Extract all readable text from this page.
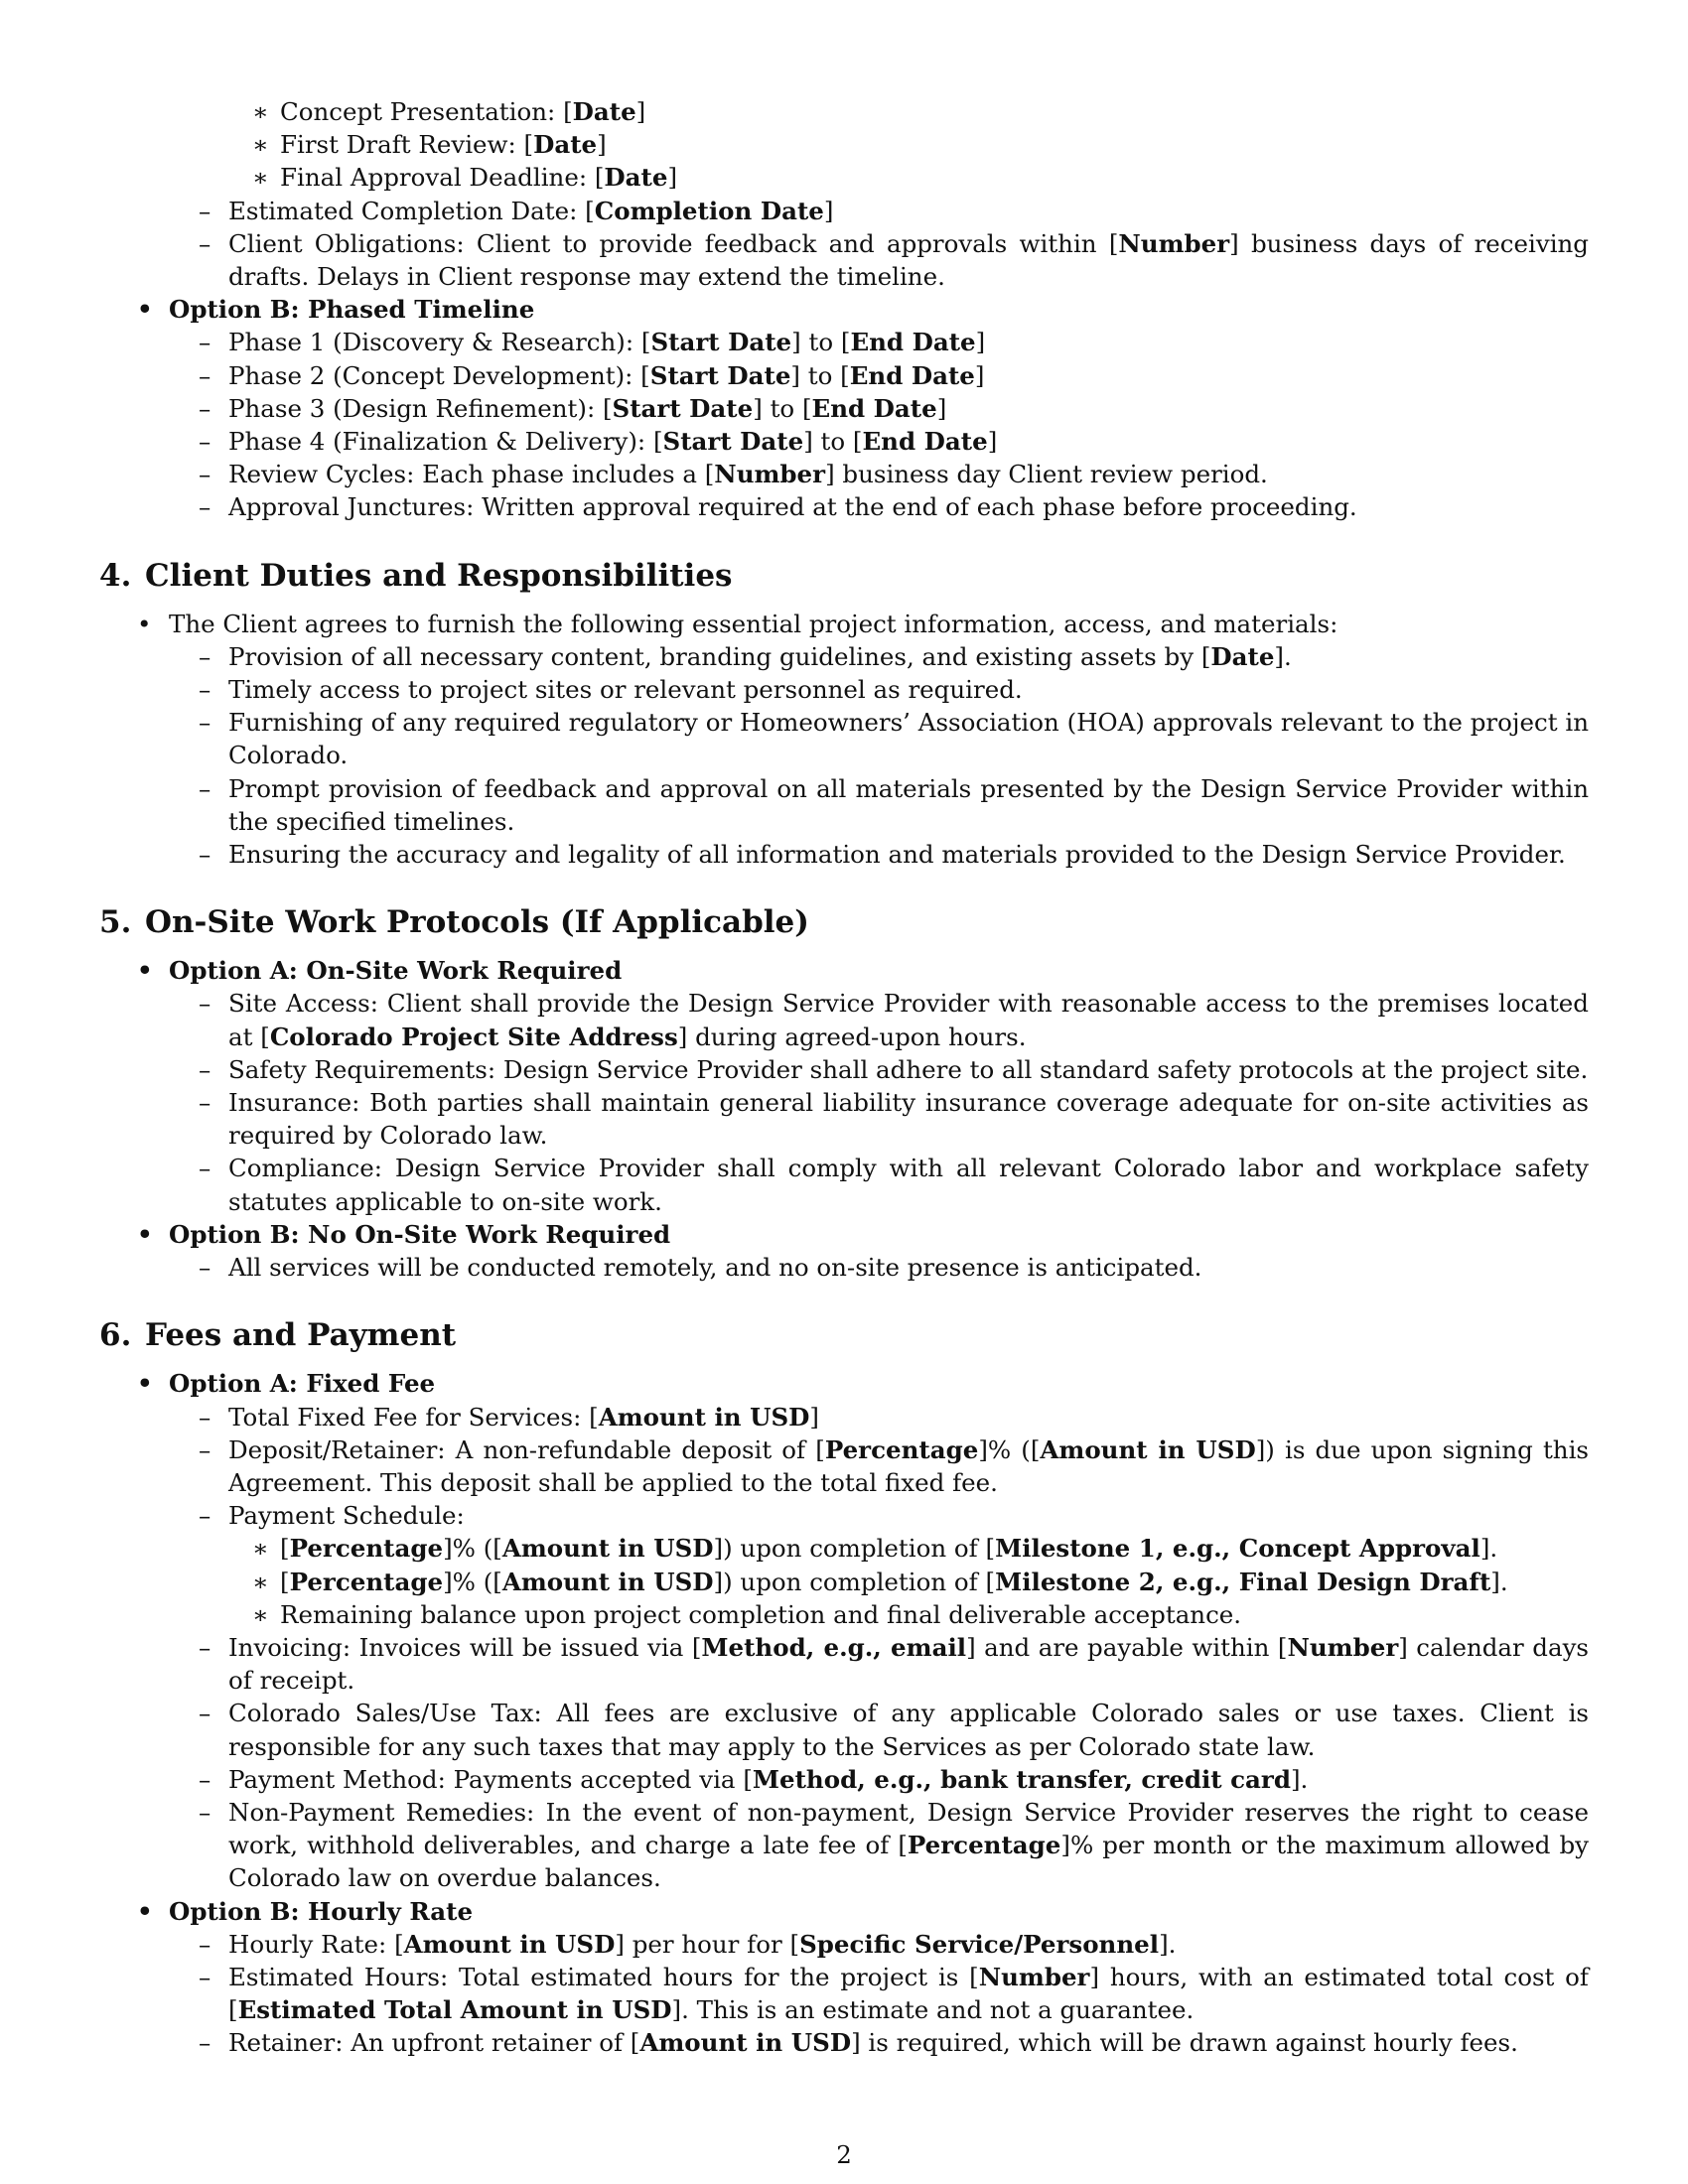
∗ Concept Presentation: [Date]
∗ First Draft Review: [Date]
∗ Final Approval Deadline: [Date]
– Estimated Completion Date: [Completion Date]
– Client Obligations: Client to provide feedback and approvals within [Number] business days of receiving drafts. Delays in Client response may extend the timeline.
• Option B: Phased Timeline
– Phase 1 (Discovery & Research): [Start Date] to [End Date]
– Phase 2 (Concept Development): [Start Date] to [End Date]
– Phase 3 (Design Refinement): [Start Date] to [End Date]
– Phase 4 (Finalization & Delivery): [Start Date] to [End Date]
– Review Cycles: Each phase includes a [Number] business day Client review period.
– Approval Junctures: Written approval required at the end of each phase before proceeding.
4. Client Duties and Responsibilities
• The Client agrees to furnish the following essential project information, access, and materials:
– Provision of all necessary content, branding guidelines, and existing assets by [Date].
– Timely access to project sites or relevant personnel as required.
– Furnishing of any required regulatory or Homeowners’ Association (HOA) approvals relevant to the project in Colorado.
– Prompt provision of feedback and approval on all materials presented by the Design Service Provider within the specified timelines.
– Ensuring the accuracy and legality of all information and materials provided to the Design Service Provider.
5. On-Site Work Protocols (If Applicable)
• Option A: On-Site Work Required
– Site Access: Client shall provide the Design Service Provider with reasonable access to the premises located at [Colorado Project Site Address] during agreed-upon hours.
– Safety Requirements: Design Service Provider shall adhere to all standard safety protocols at the project site.
– Insurance: Both parties shall maintain general liability insurance coverage adequate for on-site activities as required by Colorado law.
– Compliance: Design Service Provider shall comply with all relevant Colorado labor and workplace safety statutes applicable to on-site work.
• Option B: No On-Site Work Required
– All services will be conducted remotely, and no on-site presence is anticipated.
6. Fees and Payment
• Option A: Fixed Fee
– Total Fixed Fee for Services: [Amount in USD]
– Deposit/Retainer: A non-refundable deposit of [Percentage]% ([Amount in USD]) is due upon signing this Agreement. This deposit shall be applied to the total fixed fee.
– Payment Schedule:
∗ [Percentage]% ([Amount in USD]) upon completion of [Milestone 1, e.g., Concept Approval].
∗ [Percentage]% ([Amount in USD]) upon completion of [Milestone 2, e.g., Final Design Draft].
∗ Remaining balance upon project completion and final deliverable acceptance.
– Invoicing: Invoices will be issued via [Method, e.g., email] and are payable within [Number] calendar days of receipt.
– Colorado Sales/Use Tax: All fees are exclusive of any applicable Colorado sales or use taxes. Client is responsible for any such taxes that may apply to the Services as per Colorado state law.
– Payment Method: Payments accepted via [Method, e.g., bank transfer, credit card].
– Non-Payment Remedies: In the event of non-payment, Design Service Provider reserves the right to cease work, withhold deliverables, and charge a late fee of [Percentage]% per month or the maximum allowed by Colorado law on overdue balances.
• Option B: Hourly Rate
– Hourly Rate: [Amount in USD] per hour for [Specific Service/Personnel].
– Estimated Hours: Total estimated hours for the project is [Number] hours, with an estimated total cost of [Estimated Total Amount in USD]. This is an estimate and not a guarantee.
– Retainer: An upfront retainer of [Amount in USD] is required, which will be drawn against hourly fees.
2
